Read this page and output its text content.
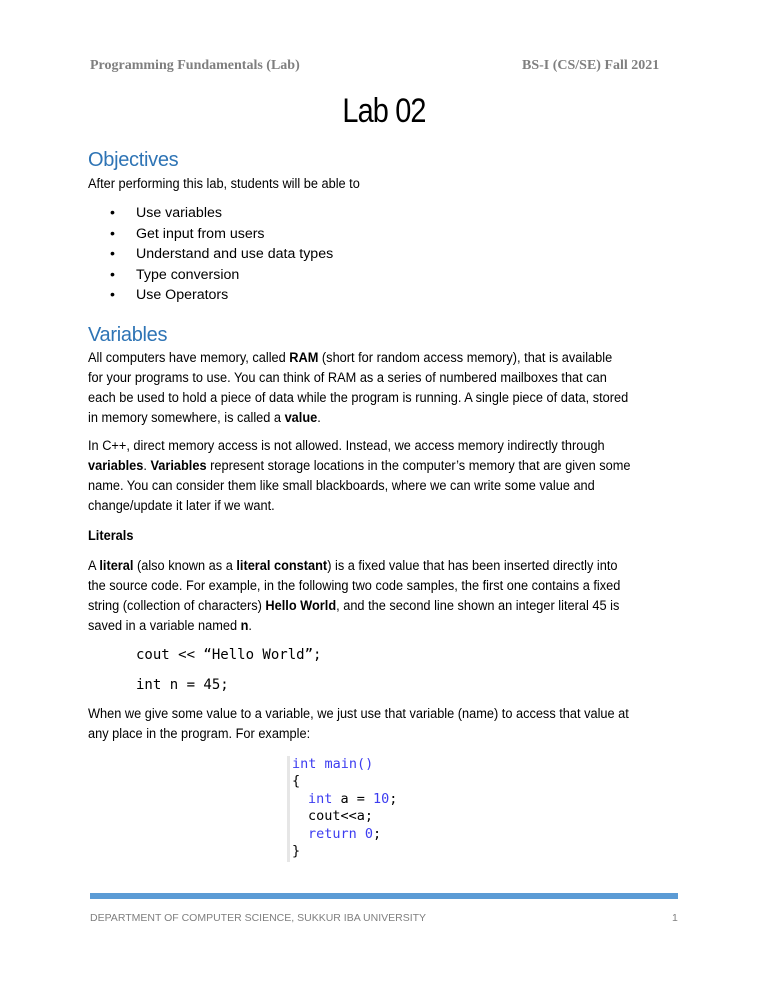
Programming Fundamentals (Lab)	BS-I (CS/SE) Fall 2021
Lab 02
Objectives
After performing this lab, students will be able to
• Use variables
• Get input from users
• Understand and use data types
• Type conversion
• Use Operators
Variables
All computers have memory, called RAM (short for random access memory), that is available
for your programs to use. You can think of RAM as a series of numbered mailboxes that can
each be used to hold a piece of data while the program is running. A single piece of data, stored
in memory somewhere, is called a value.
In C++, direct memory access is not allowed. Instead, we access memory indirectly through
variables. Variables represent storage locations in the computer’s memory that are given some
name. You can consider them like small blackboards, where we can write some value and
change/update it later if we want.
Literals
A literal (also known as a literal constant) is a fixed value that has been inserted directly into
the source code. For example, in the following two code samples, the first one contains a fixed
string (collection of characters) Hello World, and the second line shown an integer literal 45 is
saved in a variable named n.
cout << “Hello World”;
int n = 45;
When we give some value to a variable, we just use that variable (name) to access that value at
any place in the program. For example:
int main()
{
int a = 10;
cout<<a;
return 0;
}
DEPARTMENT OF COMPUTER SCIENCE, SUKKUR IBA UNIVERSITY	1
